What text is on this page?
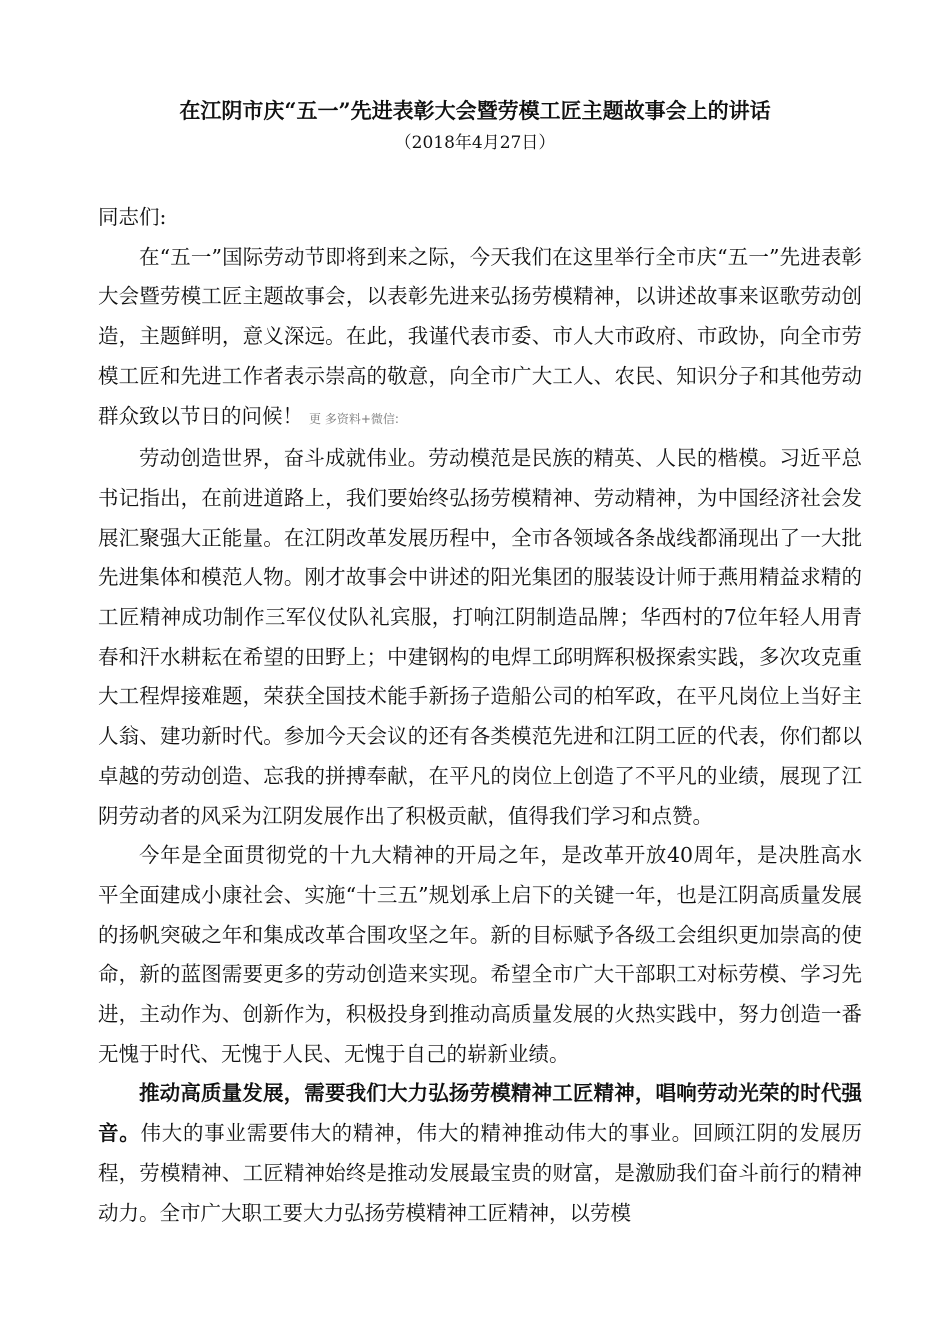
在江阴市庆“五一”先进表彰大会暨劳模工匠主题故事会上的讲话
（2018年4月27日）

同志们:

在“五一”国际劳动节即将到来之际，今天我们在这里举行全市庆“五一”先进表彰大会暨劳模工匠主题故事会，以表彰先进来弘扬劳模精神，以讲述故事来讴歌劳动创造，主题鲜明，意义深远。在此，我谨代表市委、市人大市政府、市政协，向全市劳模工匠和先进工作者表示崇高的敬意，向全市广大工人、农民、知识分子和其他劳动群众致以节日的问候！ 更 多资料+微信:

劳动创造世界，奋斗成就伟业。劳动模范是民族的精英、人民的楷模。习近平总书记指出，在前进道路上，我们要始终弘扬劳模精神、劳动精神，为中国经济社会发展汇聚强大正能量。在江阴改革发展历程中，全市各领域各条战线都涌现出了一大批先进集体和模范人物。刚才故事会中讲述的阳光集团的服装设计师于燕用精益求精的工匠精神成功制作三军仪仗队礼宾服，打响江阴制造品牌；华西村的7位年轻人用青春和汗水耕耘在希望的田野上；中建钢构的电焊工邱明辉积极探索实践，多次攻克重大工程焊接难题，荣获全国技术能手新扬子造船公司的柏军政，在平凡岗位上当好主人翁、建功新时代。参加今天会议的还有各类模范先进和江阴工匠的代表，你们都以卓越的劳动创造、忘我的拼搏奉献，在平凡的岗位上创造了不平凡的业绩，展现了江阴劳动者的风采为江阴发展作出了积极贡献，值得我们学习和点赞。

今年是全面贯彻党的十九大精神的开局之年，是改革开放40周年，是决胜高水平全面建成小康社会、实施“十三五”规划承上启下的关键一年，也是江阴高质量发展的扬帆突破之年和集成改革合围攻坚之年。新的目标赋予各级工会组织更加崇高的使命，新的蓝图需要更多的劳动创造来实现。希望全市广大干部职工对标劳模、学习先进，主动作为、创新作为，积极投身到推动高质量发展的火热实践中，努力创造一番无愧于时代、无愧于人民、无愧于自己的崭新业绩。

推动高质量发展，需要我们大力弘扬劳模精神工匠精神，唱响劳动光荣的时代强音。伟大的事业需要伟大的精神，伟大的精神推动伟大的事业。回顾江阴的发展历程，劳模精神、工匠精神始终是推动发展最宝贵的财富，是激励我们奋斗前行的精神动力。全市广大职工要大力弘扬劳模精神工匠精神，以劳模
